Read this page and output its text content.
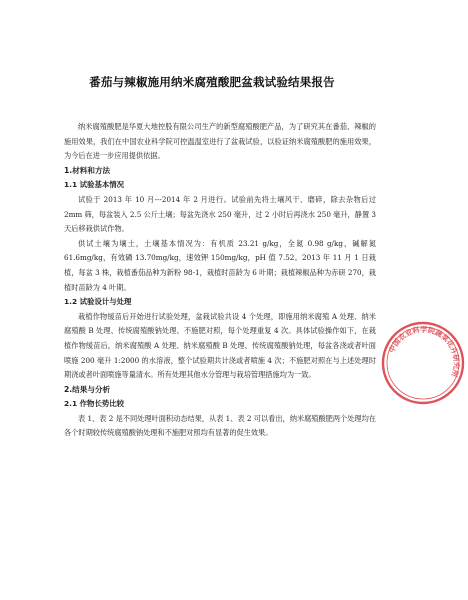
番茄与辣椒施用纳米腐殖酸肥盆栽试验结果报告

纳米腐殖酸肥是华夏大地控股有限公司生产的新型腐殖酸肥产品，为了研究其在番茄、辣椒的施用效果，我们在中国农业科学院可控温温室进行了盆栽试验，以验证纳米腐殖酸肥的施用效果，为今后在进一步应用提供依据。

1.材料和方法

1.1 试验基本情况

试验于 2013 年 10 月---2014 年 2 月进行。试验前先将土壤风干、磨碎，除去杂物后过 2mm 筛，每盆装入 2.5 公斤土壤；每盆先浇水 250 毫升，过 2 小时后再浇水 250 毫升，静置 3 天后移栽供试作物。

供试土壤为壤土，土壤基本情况为：有机质 23.21 g/kg，全氮 0.98 g/kg，碱解氮 61.6mg/kg，有效磷 13.70mg/kg，速效钾 150mg/kg，pH 值 7.52。2013 年 11 月 1 日栽植，每盆 3 株，栽植番茄品种为新粉 98-1，栽植时苗龄为 6 叶期；栽植辣椒品种为赤研 270，栽植时苗龄为 4 叶期。

1.2 试验设计与处理

栽植作物缓苗后开始进行试验处理，盆栽试验共设 4 个处理，即施用纳米腐殖 A 处理、纳米腐殖酸 B 处理、传统腐殖酸钠处理、不施肥对照，每个处理重复 4 次。具体试验操作如下，在栽植作物缓苗后，纳米腐殖酸 A 处理、纳米腐殖酸 B 处理、传统腐殖酸钠处理，每盆各浇或者叶面喷施 200 毫升 1:2000 的水溶液，整个试验期共计浇或者喷施 4 次；不施肥对照在与上述处理时期浇或者叶面喷施等量清水。所有处理其他水分管理与栽培管理措施均为一致。

2.结果与分析

2.1 作物长势比较

表 1、表 2 是不同处理叶面积动态结果，从表 1、表 2 可以看出，纳米腐殖酸肥两个处理均在各个时期较传统腐殖酸钠处理和不施肥对照均有显著的促生效果。

中国农业科学院蔬菜花卉研究所
